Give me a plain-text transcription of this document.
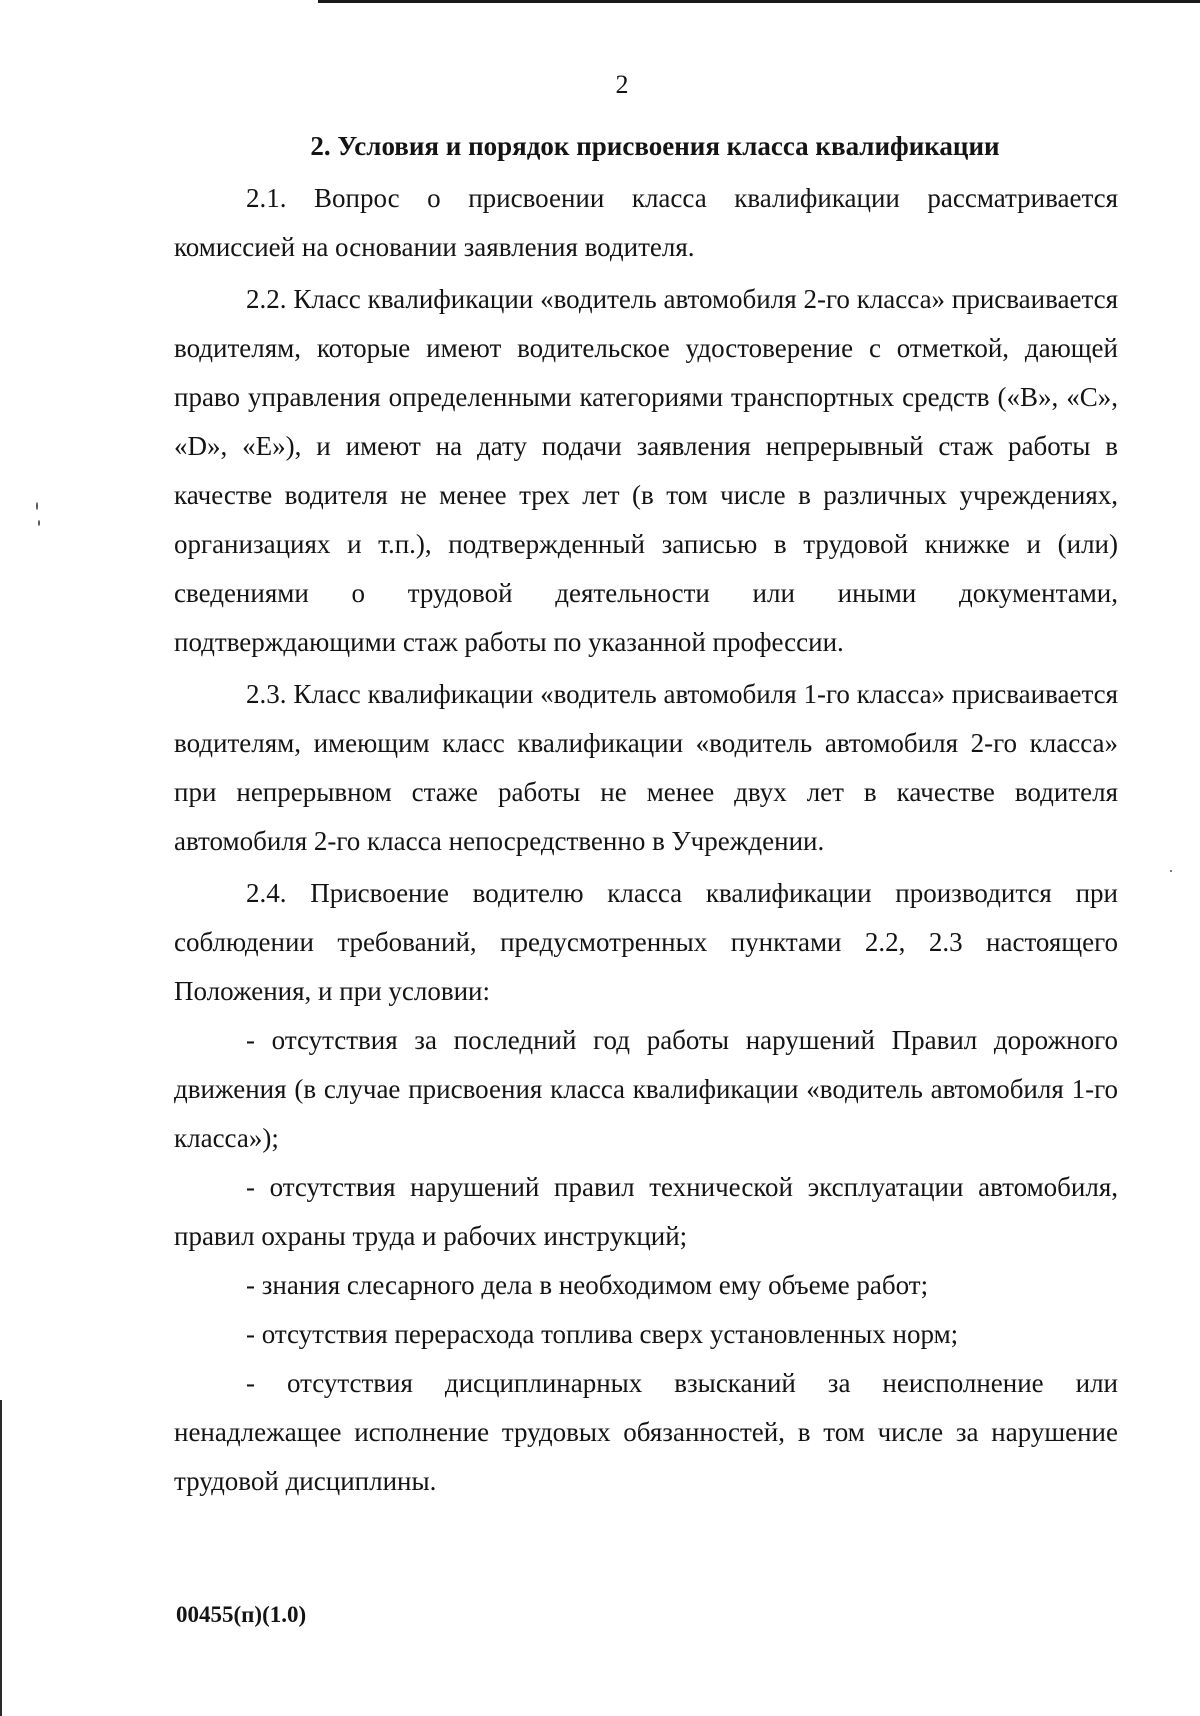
2
2. Условия и порядок присвоения класса квалификации

2.1. Вопрос о присвоении класса квалификации рассматривается комиссией на основании заявления водителя.

2.2. Класс квалификации «водитель автомобиля 2-го класса» присваивается водителям, которые имеют водительское удостоверение с отметкой, дающей право управления определенными категориями транспортных средств («B», «C», «D», «E»), и имеют на дату подачи заявления непрерывный стаж работы в качестве водителя не менее трех лет (в том числе в различных учреждениях, организациях и т.п.), подтвержденный записью в трудовой книжке и (или) сведениями о трудовой деятельности или иными документами, подтверждающими стаж работы по указанной профессии.

2.3. Класс квалификации «водитель автомобиля 1-го класса» присваивается водителям, имеющим класс квалификации «водитель автомобиля 2-го класса» при непрерывном стаже работы не менее двух лет в качестве водителя автомобиля 2-го класса непосредственно в Учреждении.

2.4. Присвоение водителю класса квалификации производится при соблюдении требований, предусмотренных пунктами 2.2, 2.3 настоящего Положения, и при условии:

- отсутствия за последний год работы нарушений Правил дорожного движения (в случае присвоения класса квалификации «водитель автомобиля 1-го класса»);

- отсутствия нарушений правил технической эксплуатации автомобиля, правил охраны труда и рабочих инструкций;

- знания слесарного дела в необходимом ему объеме работ;

- отсутствия перерасхода топлива сверх установленных норм;

- отсутствия дисциплинарных взысканий за неисполнение или ненадлежащее исполнение трудовых обязанностей, в том числе за нарушение трудовой дисциплины.

00455(п)(1.0)
